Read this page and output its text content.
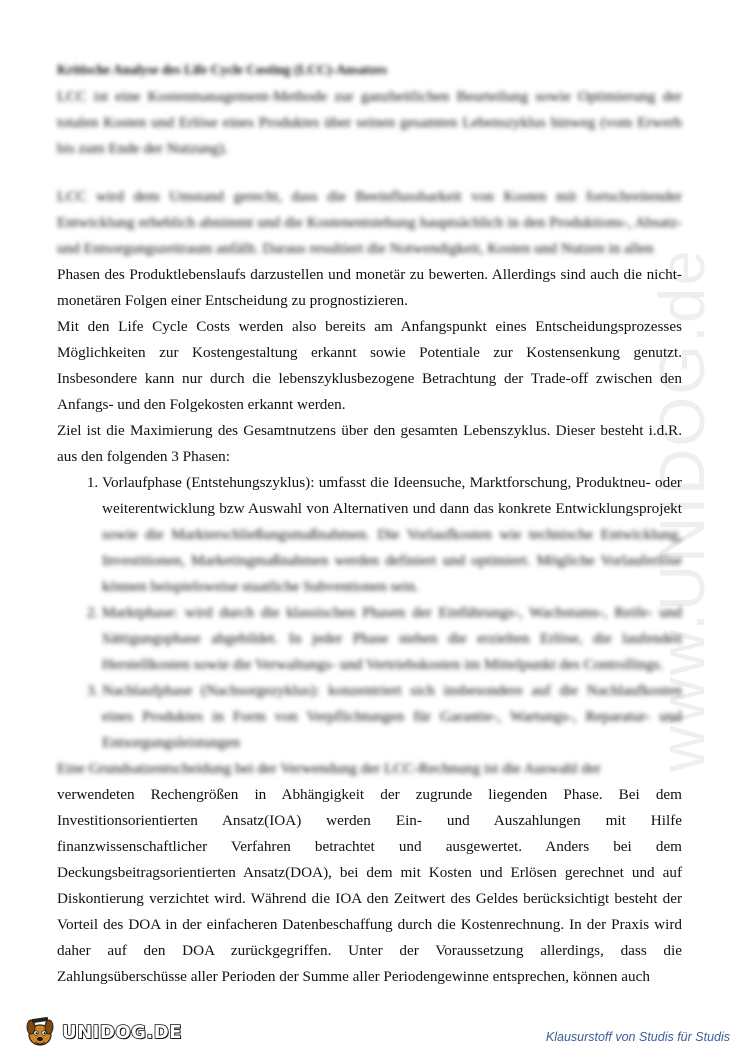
Kritische Analyse des Life Cycle Costing (LCC)-Ansatzes

LCC ist eine Kostenmanagement-Methode zur ganzheitlichen Beurteilung sowie Optimierung der totalen Kosten und Erlöse eines Produktes über seinen gesamten Lebenszyklus hinweg (vom Erwerb bis zum Ende der Nutzung).

LCC wird dem Umstand gerecht, dass die Beeinflussbarkeit von Kosten mit fortschreitender Entwicklung erheblich abnimmt und die Kostenentstehung hauptsächlich in den Produktions-, Absatz- und Entsorgungszeitraum anfällt. Daraus resultiert die Notwendigkeit, Kosten und Nutzen in allen Phasen des Produktlebenslaufs darzustellen und monetär zu bewerten. Allerdings sind auch die nicht-monetären Folgen einer Entscheidung zu prognostizieren.

Mit den Life Cycle Costs werden also bereits am Anfangspunkt eines Entscheidungsprozesses Möglichkeiten zur Kostengestaltung erkannt sowie Potentiale zur Kostensenkung genutzt. Insbesondere kann nur durch die lebenszyklusbezogene Betrachtung der Trade-off zwischen den Anfangs- und den Folgekosten erkannt werden.

Ziel ist die Maximierung des Gesamtnutzens über den gesamten Lebenszyklus. Dieser besteht i.d.R. aus den folgenden 3 Phasen:

1. Vorlaufphase (Entstehungszyklus): umfasst die Ideensuche, Marktforschung, Produktneu- oder weiterentwicklung bzw Auswahl von Alternativen und dann das konkrete Entwicklungsprojekt sowie die Markterschließungsmaßnahmen. Die Vorlaufkosten wie technische Entwicklung, Investitionen, Marketingmaßnahmen werden definiert und optimiert. Mögliche Vorlauferlöse können beispielsweise staatliche Subventionen sein.
2. Marktphase: wird durch die klassischen Phasen der Einführungs-, Wachstums-, Reife- und Sättigungsphase abgebildet. In jeder Phase stehen die erzielten Erlöse, die laufenden Herstellkosten sowie die Verwaltungs- und Vertriebskosten im Mittelpunkt des Controllings.
3. Nachlaufphase (Nachsorgezyklus): konzentriert sich insbesondere auf die Nachlaufkosten eines Produktes in Form von Verpflichtungen für Garantie-, Wartungs-, Reparatur- und Entsorgungsleistungen

Eine Grundsatzentscheidung bei der Verwendung der LCC-Rechnung ist die Auswahl der verwendeten Rechengrößen in Abhängigkeit der zugrunde liegenden Phase. Bei dem Investitionsorientierten Ansatz(IOA) werden Ein- und Auszahlungen mit Hilfe finanzwissenschaftlicher Verfahren betrachtet und ausgewertet. Anders bei dem Deckungsbeitragsorientierten Ansatz(DOA), bei dem mit Kosten und Erlösen gerechnet und auf Diskontierung verzichtet wird. Während die IOA den Zeitwert des Geldes berücksichtigt besteht der Vorteil des DOA in der einfacheren Datenbeschaffung durch die Kostenrechnung. In der Praxis wird daher auf den DOA zurückgegriffen. Unter der Voraussetzung allerdings, dass die Zahlungsüberschüsse aller Perioden der Summe aller Periodengewinne entsprechen, können auch

www.UNIDOG.de
UNIDOG.DE	Klausurstoff von Studis für Studis
